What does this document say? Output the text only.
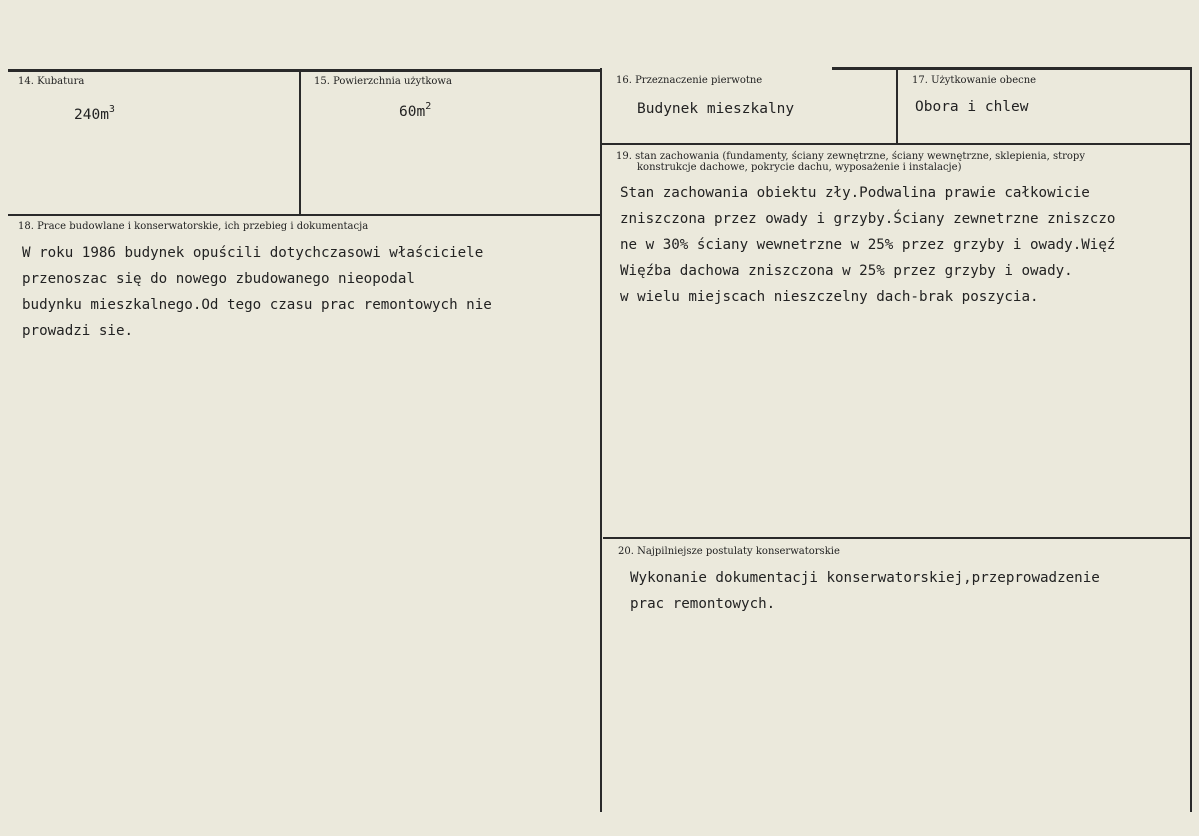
14. Kubatura
$240m^3$
15. Powierzchnia użytkowa
$60m^2$
16. Przeznaczenie pierwotne
Budynek mieszkalny
17. Użytkowanie obecne
Obora i chlew
18. Prace budowlane i konserwatorskie, ich przebieg i dokumentacja
W roku 1986 budynek opuścili dotychczasowi właściciele
przenoszac się do nowego zbudowanego nieopodal
budynku mieszkalnego.Od tego czasu prac remontowych nie
prowadzi sie.
19. stan zachowania (fundamenty, ściany zewnętrzne, ściany wewnętrzne, sklepienia, stropy
konstrukcje dachowe, pokrycie dachu, wyposażenie i instalacje)
Stan zachowania obiektu zły.Podwalina prawie całkowicie
zniszczona przez owady i grzyby.Ściany zewnetrzne zniszczo
ne w 30% ściany wewnetrzne w 25% przez grzyby i owady.Więź
Więźba dachowa zniszczona w 25% przez grzyby i owady.
w wielu miejscach nieszczelny dach-brak poszycia.
20. Najpilniejsze postulaty konserwatorskie
Wykonanie dokumentacji konserwatorskiej,przeprowadzenie
prac remontowych.
